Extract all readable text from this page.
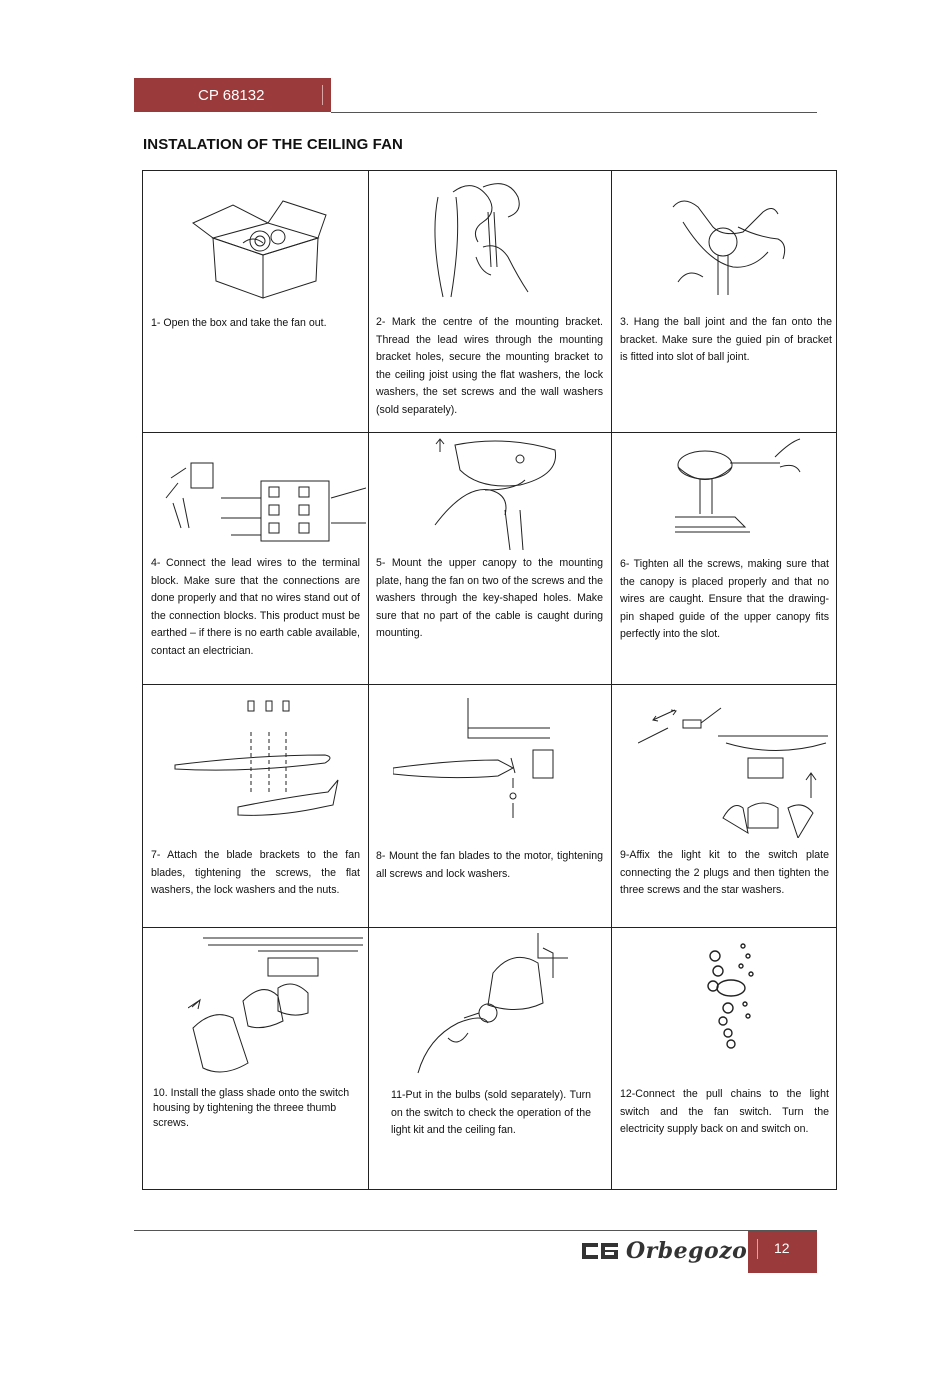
CP 68132
INSTALATION OF THE CEILING FAN
1- Open the box and take the fan out.	2- Mark the centre of the mounting bracket. Thread the lead wires through the mounting bracket holes, secure the mounting bracket to the ceiling joist using the flat washers, the lock washers, the set screws and the wall washers (sold separately).
3. Hang the ball joint and the fan onto the bracket. Make sure the guied pin of bracket is fitted into slot of ball joint.
4- Connect the lead wires to the terminal block. Make sure that the connections are done properly and that no wires stand out of the connection blocks. This product must be earthed – if there is no earth cable available, contact an electrician.
5- Mount the upper canopy to the mounting plate, hang the fan on two of the screws and the washers through the key-shaped holes. Make sure that no part of the cable is caught during mounting.
6- Tighten all the screws, making sure that the canopy is placed properly and that no wires are caught. Ensure that the drawing-pin shaped guide of the upper canopy fits perfectly into the slot.
7- Attach the blade brackets to the fan blades, tightening the screws, the flat washers, the lock washers and the nuts.
8- Mount the fan blades to the motor, tightening all screws and lock washers.
9-Affix the light kit to the switch plate connecting the 2 plugs and then tighten the three screws and the star washers.
10. Install the glass shade onto the switch housing by tightening the threee thumb screws.
11-Put in the bulbs (sold separately). Turn on the switch to check the operation of the light kit and the ceiling fan.
12-Connect the pull chains to the light switch and the fan switch. Turn the electricity supply back on and switch on.
Orbegozo 12
